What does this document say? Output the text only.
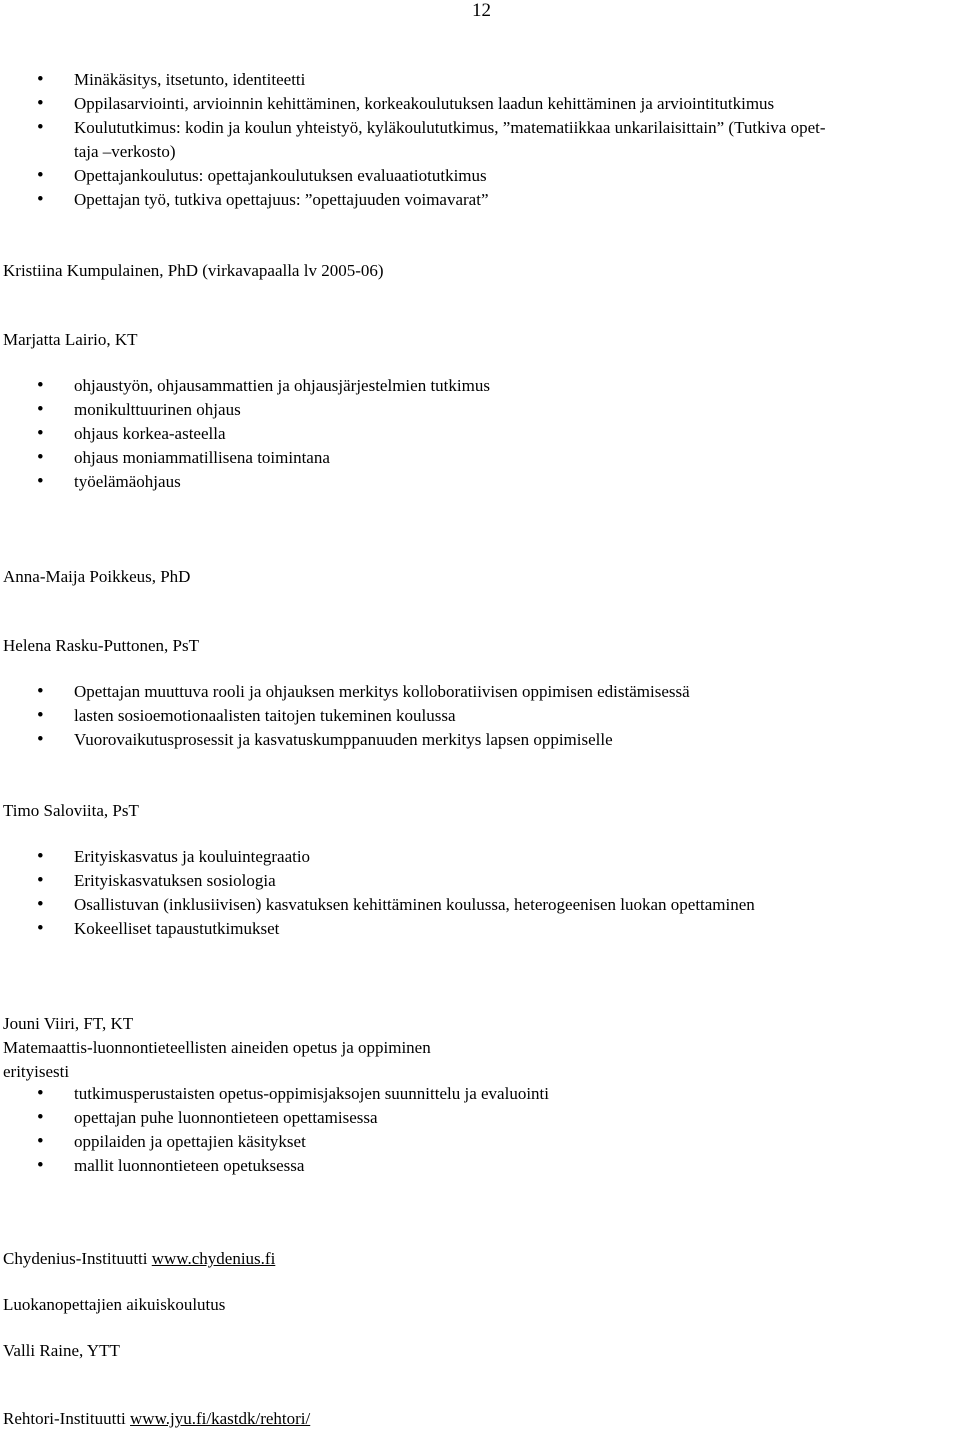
12
• Minäkäsitys, itsetunto, identiteetti
• Oppilasarviointi, arvioinnin kehittäminen, korkeakoulutuksen laadun kehittäminen ja arviointitutkimus
• Koulututkimus: kodin ja koulun yhteistyö, kyläkoulututkimus, ”matematiikkaa unkarilaisittain” (Tutkiva opet-
taja –verkosto)
• Opettajankoulutus: opettajankoulutuksen evaluaatiotutkimus
• Opettajan työ, tutkiva opettajuus: ”opettajuuden voimavarat”
Kristiina Kumpulainen, PhD (virkavapaalla lv 2005-06)
Marjatta Lairio, KT
• ohjaustyön, ohjausammattien ja ohjausjärjestelmien tutkimus
• monikulttuurinen ohjaus
• ohjaus korkea-asteella
• ohjaus moniammatillisena toimintana
• työelämäohjaus
Anna-Maija Poikkeus, PhD
Helena Rasku-Puttonen, PsT
• Opettajan muuttuva rooli ja ohjauksen merkitys kolloboratiivisen oppimisen edistämisessä
• lasten sosioemotionaalisten taitojen tukeminen koulussa
• Vuorovaikutusprosessit ja kasvatuskumppanuuden merkitys lapsen oppimiselle
Timo Saloviita, PsT
• Erityiskasvatus ja kouluintegraatio
• Erityiskasvatuksen sosiologia
• Osallistuvan (inklusiivisen) kasvatuksen kehittäminen koulussa, heterogeenisen luokan opettaminen
• Kokeelliset tapaustutkimukset
Jouni Viiri, FT, KT
Matemaattis-luonnontieteellisten aineiden opetus ja oppiminen
erityisesti
• tutkimusperustaisten opetus-oppimisjaksojen suunnittelu ja evaluointi
• opettajan puhe luonnontieteen opettamisessa
• oppilaiden ja opettajien käsitykset
• mallit luonnontieteen opetuksessa
Chydenius-Instituutti www.chydenius.fi
Luokanopettajien aikuiskoulutus
Valli Raine, YTT
Rehtori-Instituutti www.jyu.fi/kastdk/rehtori/
